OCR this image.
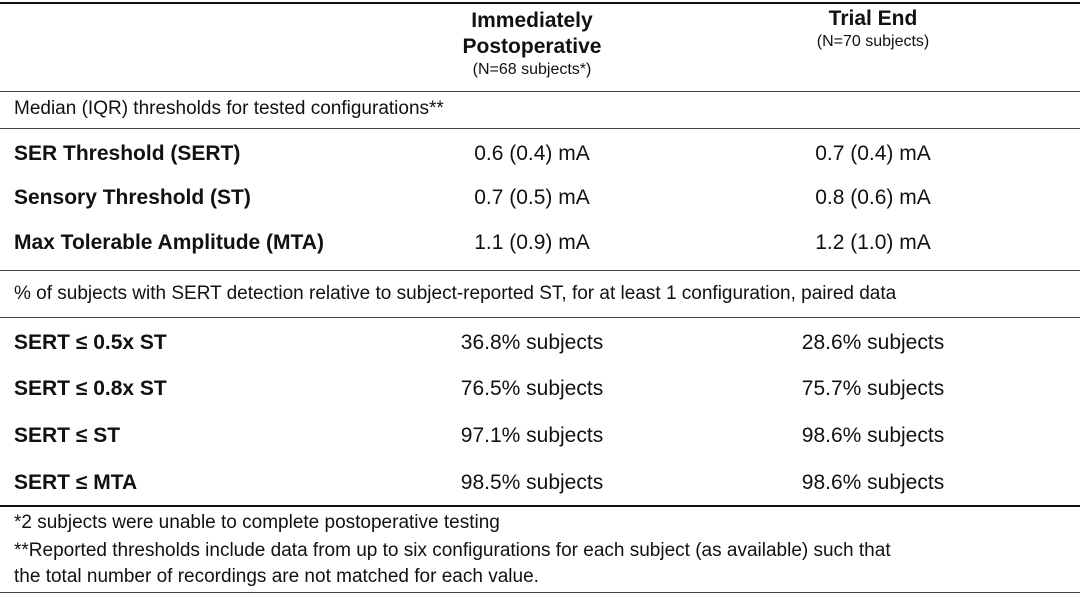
Immediately
Postoperative
(N=68 subjects*)
Trial End
(N=70 subjects)
Median (IQR) thresholds for tested configurations**
SER Threshold (SERT)	0.6 (0.4) mA	0.7 (0.4) mA
Sensory Threshold (ST)	0.7 (0.5) mA	0.8 (0.6) mA
Max Tolerable Amplitude (MTA)	1.1 (0.9) mA	1.2 (1.0) mA
% of subjects with SERT detection relative to subject-reported ST, for at least 1 configuration, paired data
SERT ≤ 0.5x ST	36.8% subjects	28.6% subjects
SERT ≤ 0.8x ST	76.5% subjects	75.7% subjects
SERT ≤ ST	97.1% subjects	98.6% subjects
SERT ≤ MTA	98.5% subjects	98.6% subjects
*2 subjects were unable to complete postoperative testing
**Reported thresholds include data from up to six configurations for each subject (as available) such that
the total number of recordings are not matched for each value.
